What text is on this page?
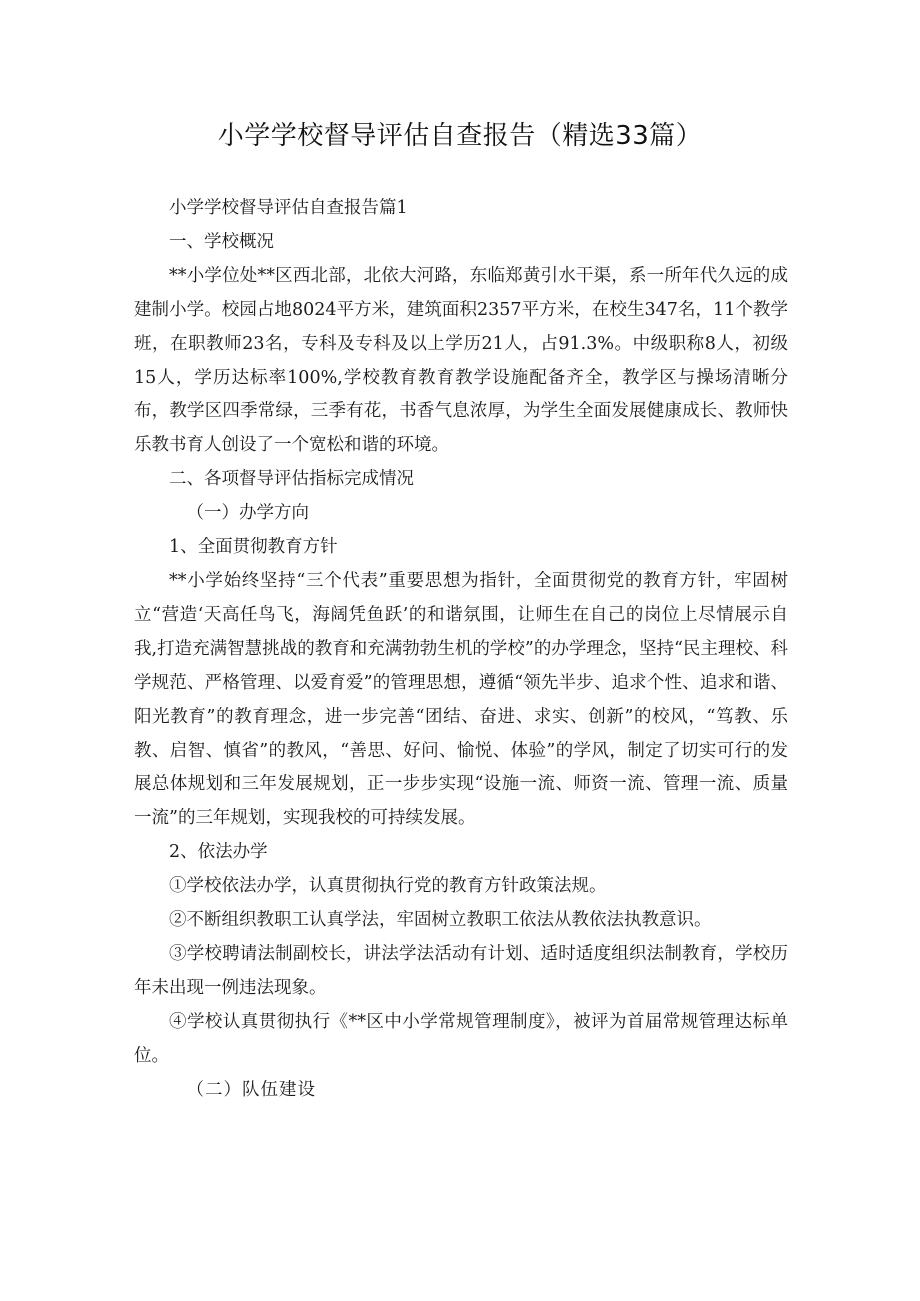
小学学校督导评估自查报告（精选33篇）

小学学校督导评估自查报告篇1

一、学校概况

**小学位处**区西北部，北依大河路，东临郑黄引水干渠，系一所年代久远的成建制小学。校园占地8024平方米，建筑面积2357平方米，在校生347名，11个教学班，在职教师23名，专科及专科及以上学历21人，占91.3%。中级职称8人，初级15人，学历达标率100%,学校教育教育教学设施配备齐全，教学区与操场清晰分布，教学区四季常绿，三季有花，书香气息浓厚，为学生全面发展健康成长、教师快乐教书育人创设了一个宽松和谐的环境。

二、各项督导评估指标完成情况

（一）办学方向

1、全面贯彻教育方针

**小学始终坚持“三个代表”重要思想为指针，全面贯彻党的教育方针，牢固树立“营造‘天高任鸟飞，海阔凭鱼跃’的和谐氛围，让师生在自己的岗位上尽情展示自我,打造充满智慧挑战的教育和充满勃勃生机的学校”的办学理念，坚持“民主理校、科学规范、严格管理、以爱育爱”的管理思想，遵循“领先半步、追求个性、追求和谐、阳光教育”的教育理念，进一步完善“团结、奋进、求实、创新”的校风，“笃教、乐教、启智、慎省”的教风，“善思、好问、愉悦、体验”的学风，制定了切实可行的发展总体规划和三年发展规划，正一步步实现“设施一流、师资一流、管理一流、质量一流”的三年规划，实现我校的可持续发展。

2、依法办学

①学校依法办学，认真贯彻执行党的教育方针政策法规。

②不断组织教职工认真学法，牢固树立教职工依法从教依法执教意识。

③学校聘请法制副校长，讲法学法活动有计划、适时适度组织法制教育，学校历年未出现一例违法现象。

④学校认真贯彻执行《**区中小学常规管理制度》，被评为首届常规管理达标单位。

（二）队伍建设
